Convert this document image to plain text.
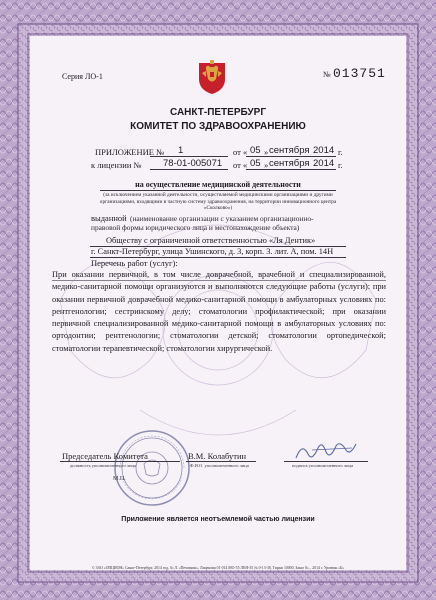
Серия ЛО-1	№ 013751
САНКТ-ПЕТЕРБУРГ
КОМИТЕТ ПО ЗДРАВООХРАНЕНИЮ
ПРИЛОЖЕНИЕ № 1	от « 05 » сентября 2014 г.
к лицензии № 78-01-005071 от « 05 » сентября 2014 г.
на осуществление медицинской деятельности
(за исключением указанной деятельности, осуществляемой медицинскими организациями и другими организациями, входящими в частную систему здравоохранения, на территории инновационного центра «Сколково»)
выданной (наименование организации с указанием организационно-
правовой формы юридического лица и местонахождение объекта)
Обществу с ограниченной ответственностью «Ля Дентик»
г. Санкт-Петербург, улица Ушинского, д. 3, корп. 3. лит. А, пом. 14Н
Перечень работ (услуг):
При оказании первичной, в том числе доврачебной, врачебной и специализированной, медико-санитарной помощи организуются и выполняются следующие работы (услуги): при оказании первичной доврачебной медико-санитарной помощи в амбулаторных условиях по: рентгенологии; сестринскому делу; стоматологии профилактической; при оказании первичной специализированной медико-санитарной помощи в амбулаторных условиях по: ортодонтии; рентгенологии; стоматологии детской; стоматологии ортопедической; стоматологии терапевтической; стоматологии хирургической.
Председатель Комитета
должность уполномоченного лица
В.М. Колабутин
Ф.И.О. уполномоченного лица	подпись уполномоченного лица
М.П.
Приложение является неотъемлемой частью лицензии
© ЗАО «ОПЦИОН» Санкт-Петербург, 2014 год, № Л. «Печатник», Лицензия 01-014 МО-55 ЛЕН-35 № 0-13-38, Тираж 10000. Заказ №... 2014 г. Уровень «Б»
